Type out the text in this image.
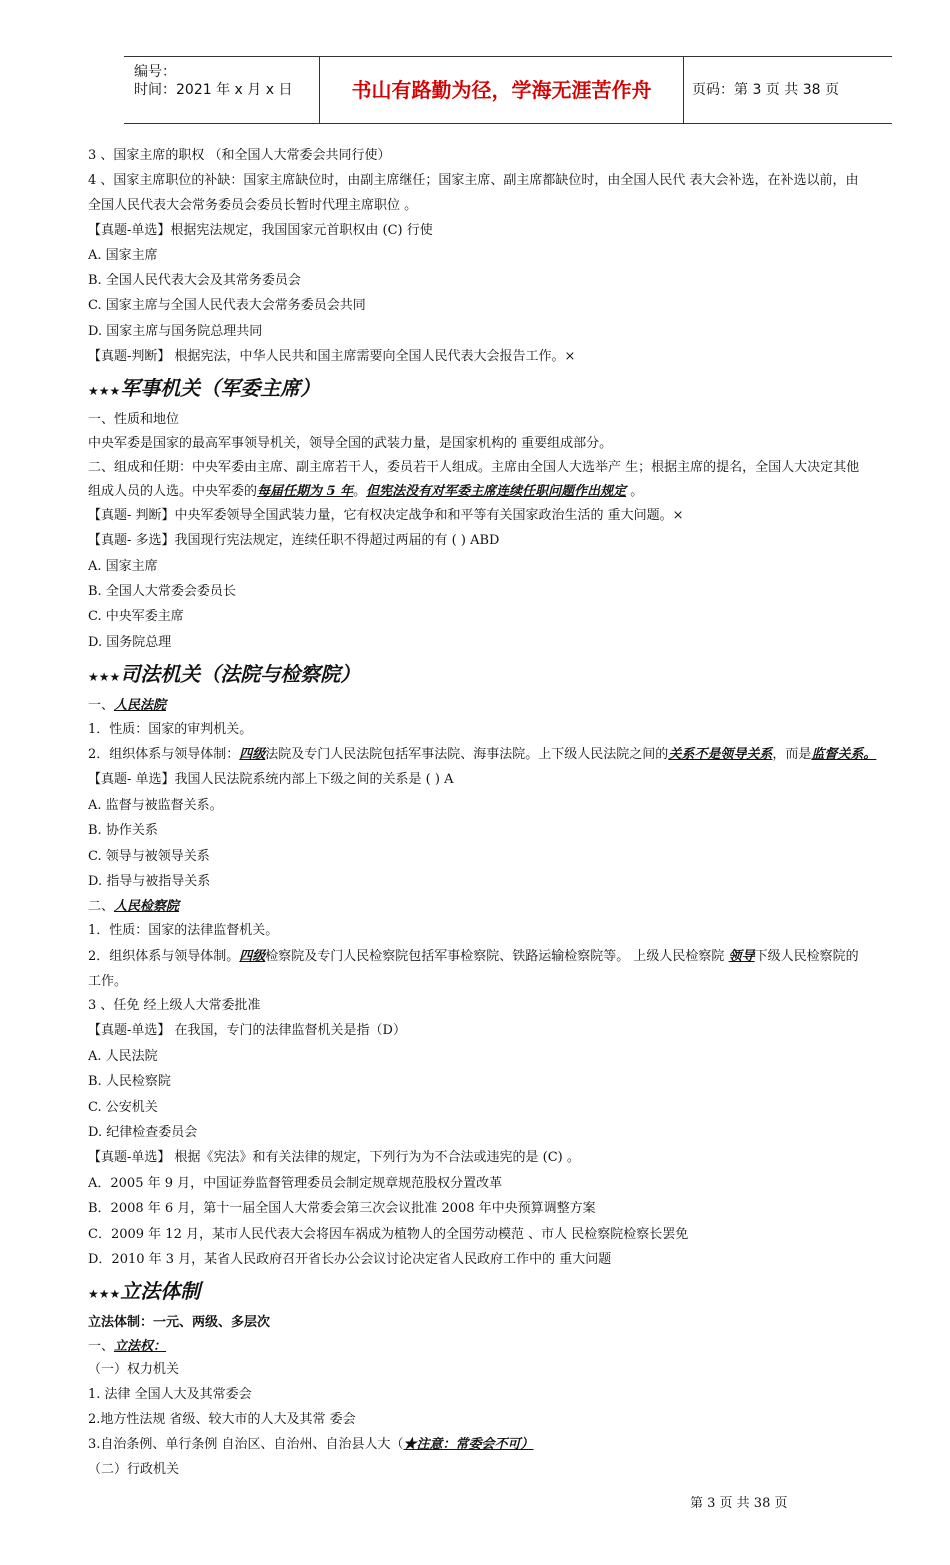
编号：
时间：2021 年 x 月 x 日	书山有路勤为径，学海无涯苦作舟	页码：第 3 页 共 38 页
3 、国家主席的职权 （和全国人大常委会共同行使）
4 、国家主席职位的补缺：国家主席缺位时，由副主席继任；国家主席、副主席都缺位时，由全国人民代 表大会补选，在补选以前，由
全国人民代表大会常务委员会委员长暂时代理主席职位 。
【真题-单选】根据宪法规定，我国国家元首职权由 (C) 行使
A. 国家主席
B. 全国人民代表大会及其常务委员会
C. 国家主席与全国人民代表大会常务委员会共同
D. 国家主席与国务院总理共同
【真题-判断】 根据宪法，中华人民共和国主席需要向全国人民代表大会报告工作。×
★★★军事机关（军委主席）
一、性质和地位
中央军委是国家的最高军事领导机关，领导全国的武装力量，是国家机构的 重要组成部分。
二、组成和任期：中央军委由主席、副主席若干人，委员若干人组成。主席由全国人大选举产 生；根据主席的提名，全国人大决定其他
组成人员的人选。中央军委的每届任期为 5 年。但宪法没有对军委主席连续任职问题作出规定 。
【真题- 判断】中央军委领导全国武装力量，它有权决定战争和和平等有关国家政治生活的 重大问题。×
【真题- 多选】我国现行宪法规定，连续任职不得超过两届的有 ( ) ABD
A. 国家主席
B. 全国人大常委会委员长
C. 中央军委主席
D. 国务院总理
★★★司法机关（法院与检察院）
一、人民法院
1．性质：国家的审判机关。
2．组织体系与领导体制：四级法院及专门人民法院包括军事法院、海事法院。上下级人民法院之间的关系不是领导关系，而是监督关系。
【真题- 单选】我国人民法院系统内部上下级之间的关系是 ( ) A
A. 监督与被监督关系。
B. 协作关系
C. 领导与被领导关系
D. 指导与被指导关系
二、人民检察院
1．性质：国家的法律监督机关。
2．组织体系与领导体制。四级检察院及专门人民检察院包括军事检察院、铁路运输检察院等。 上级人民检察院 领导下级人民检察院的
工作。
3 、任免 经上级人大常委批准
【真题-单选】 在我国，专门的法律监督机关是指（D）
A. 人民法院
B. 人民检察院
C. 公安机关
D. 纪律检查委员会
【真题-单选】 根据《宪法》和有关法律的规定，下列行为为不合法或违宪的是 (C) 。
A．2005 年 9 月，中国证券监督管理委员会制定规章规范股权分置改革
B．2008 年 6 月，第十一届全国人大常委会第三次会议批准 2008 年中央预算调整方案
C．2009 年 12 月，某市人民代表大会将因车祸成为植物人的全国劳动模范 、市人 民检察院检察长罢免
D．2010 年 3 月，某省人民政府召开省长办公会议讨论决定省人民政府工作中的 重大问题
★★★立法体制
立法体制：一元、两级、多层次
一、立法权：
（一）权力机关
1. 法律 全国人大及其常委会
2.地方性法规 省级、较大市的人大及其常 委会
3.自治条例、单行条例 自治区、自治州、自治县人大（★注意：常委会不可）
（二）行政机关
第 3 页 共 38 页
